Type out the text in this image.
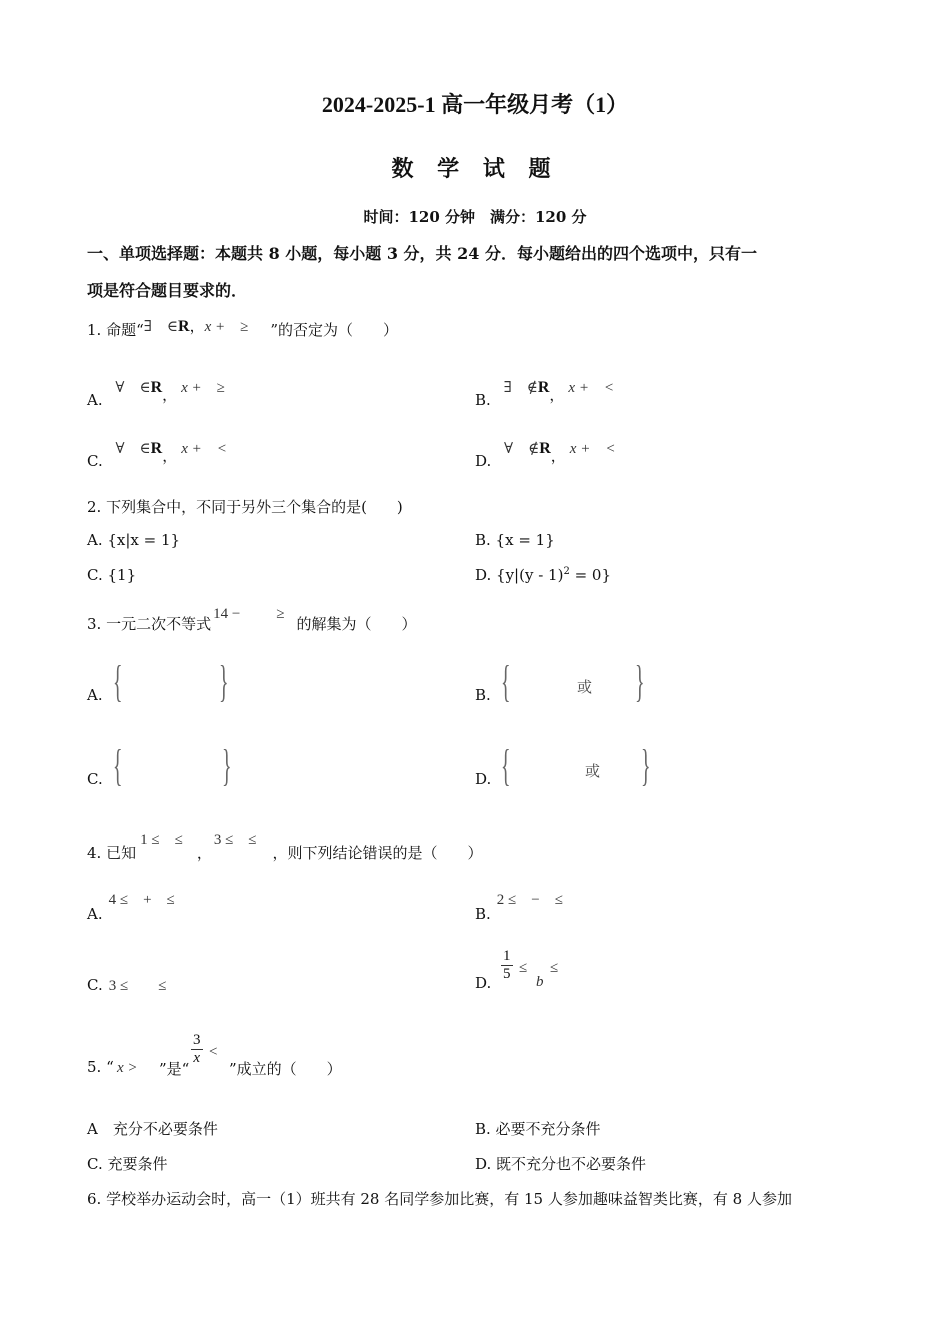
2024-2025-1 高一年级月考（1）
数 学 试 题
时间：120 分钟　满分：120 分
一、单项选择题：本题共 8 小题，每小题 3 分，共 24 分．每小题给出的四个选项中，只有一
项是符合题目要求的．
1. 命题“∃　∈R，x +　≥ ”的否定为（　　）
A. ∀　∈R， x +　≥
B. ∃　∉R， x +　<
C. ∀　∈R， x +　<
D. ∀　∉R， x +　<
2. 下列集合中，不同于另外三个集合的是(　　)
A. {x|x = 1}	B. {x = 1}
C. {1}	D. {y|(y - 1)$^2$ = 0}
3. 一元二次不等式14 − ≥的解集为（　　）
A. { }	B. {	或 }
C. { }	D. {	或 }
4. 已知1 ≤　≤，3 ≤　≤，则下列结论错误的是（　　）
A.4 ≤　+　≤
B.2 ≤　−　≤
C. 3 ≤　　≤	D. $\frac{1}{5}$ ≤
b
≤
5. “ x > ”是“
$\frac{3}{x}$ <
”成立的（　　）
A　充分不必要条件	B. 必要不充分条件
C. 充要条件	D. 既不充分也不必要条件
6. 学校举办运动会时，高一（1）班共有 28 名同学参加比赛，有 15 人参加趣味益智类比赛，有 8 人参加
